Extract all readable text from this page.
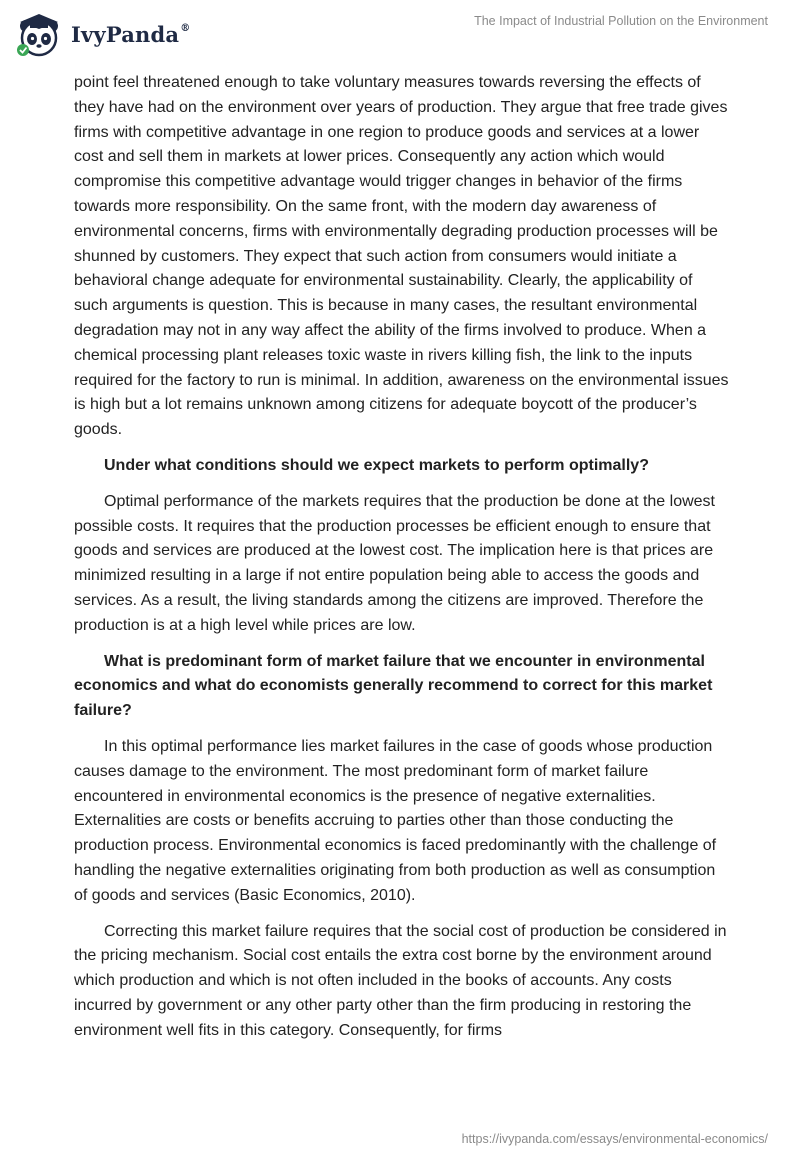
IvyPanda®	The Impact of Industrial Pollution on the Environment

point feel threatened enough to take voluntary measures towards reversing the effects of they have had on the environment over years of production. They argue that free trade gives firms with competitive advantage in one region to produce goods and services at a lower cost and sell them in markets at lower prices. Consequently any action which would compromise this competitive advantage would trigger changes in behavior of the firms towards more responsibility. On the same front, with the modern day awareness of environmental concerns, firms with environmentally degrading production processes will be shunned by customers. They expect that such action from consumers would initiate a behavioral change adequate for environmental sustainability. Clearly, the applicability of such arguments is question. This is because in many cases, the resultant environmental degradation may not in any way affect the ability of the firms involved to produce. When a chemical processing plant releases toxic waste in rivers killing fish, the link to the inputs required for the factory to run is minimal. In addition, awareness on the environmental issues is high but a lot remains unknown among citizens for adequate boycott of the producer’s goods.

Under what conditions should we expect markets to perform optimally?

Optimal performance of the markets requires that the production be done at the lowest possible costs. It requires that the production processes be efficient enough to ensure that goods and services are produced at the lowest cost. The implication here is that prices are minimized resulting in a large if not entire population being able to access the goods and services. As a result, the living standards among the citizens are improved. Therefore the production is at a high level while prices are low.

What is predominant form of market failure that we encounter in environmental economics and what do economists generally recommend to correct for this market failure?

In this optimal performance lies market failures in the case of goods whose production causes damage to the environment. The most predominant form of market failure encountered in environmental economics is the presence of negative externalities. Externalities are costs or benefits accruing to parties other than those conducting the production process. Environmental economics is faced predominantly with the challenge of handling the negative externalities originating from both production as well as consumption of goods and services (Basic Economics, 2010).

Correcting this market failure requires that the social cost of production be considered in the pricing mechanism. Social cost entails the extra cost borne by the environment around which production and which is not often included in the books of accounts. Any costs incurred by government or any other party other than the firm producing in restoring the environment well fits in this category. Consequently, for firms

https://ivypanda.com/essays/environmental-economics/
